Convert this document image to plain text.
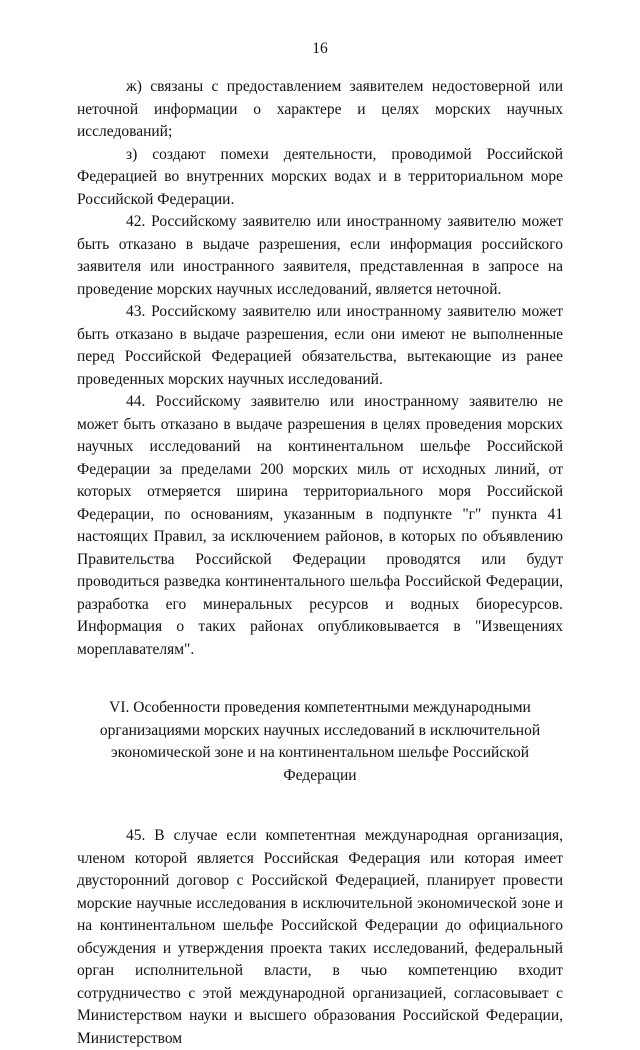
16

ж) связаны с предоставлением заявителем недостоверной или неточной информации о характере и целях морских научных исследований;

з) создают помехи деятельности, проводимой Российской Федерацией во внутренних морских водах и в территориальном море Российской Федерации.

42. Российскому заявителю или иностранному заявителю может быть отказано в выдаче разрешения, если информация российского заявителя или иностранного заявителя, представленная в запросе на проведение морских научных исследований, является неточной.

43. Российскому заявителю или иностранному заявителю может быть отказано в выдаче разрешения, если они имеют не выполненные перед Российской Федерацией обязательства, вытекающие из ранее проведенных морских научных исследований.

44. Российскому заявителю или иностранному заявителю не может быть отказано в выдаче разрешения в целях проведения морских научных исследований на континентальном шельфе Российской Федерации за пределами 200 морских миль от исходных линий, от которых отмеряется ширина территориального моря Российской Федерации, по основаниям, указанным в подпункте "г" пункта 41 настоящих Правил, за исключением районов, в которых по объявлению Правительства Российской Федерации проводятся или будут проводиться разведка континентального шельфа Российской Федерации, разработка его минеральных ресурсов и водных биоресурсов. Информация о таких районах опубликовывается в "Извещениях мореплавателям".

VI. Особенности проведения компетентными международными
организациями морских научных исследований в исключительной
экономической зоне и на континентальном шельфе Российской Федерации

45. В случае если компетентная международная организация, членом которой является Российская Федерация или которая имеет двусторонний договор с Российской Федерацией, планирует провести морские научные исследования в исключительной экономической зоне и на континентальном шельфе Российской Федерации до официального обсуждения и утверждения проекта таких исследований, федеральный орган исполнительной власти, в чью компетенцию входит сотрудничество с этой международной организацией, согласовывает с Министерством науки и высшего образования Российской Федерации, Министерством
